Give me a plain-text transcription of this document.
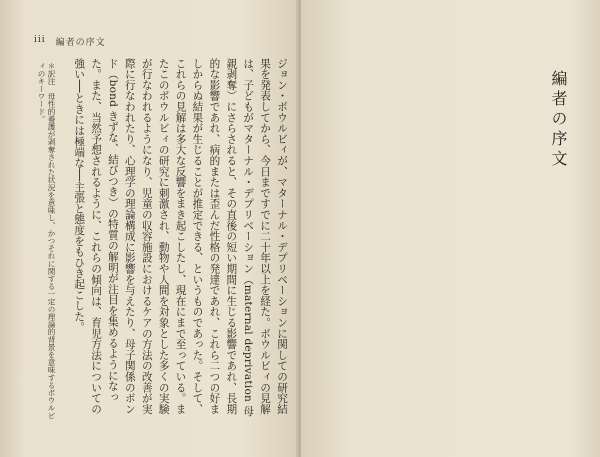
iii 編者の序文

ジョン・ボウルビィが、マターナル・デプリベーションに関しての研究結果を発表してから、今日まですでに二十年以上を経た。ボウルビィの見解は、子どもがマターナル・デプリベーション（maternal deprivation 母親剥奪）にさらされると、その直後の短い期間に生じる影響であれ、長期的な影響であれ、病的または歪んだ性格の発達であれ、これら二つの好ましからぬ結果が生じることが推定できる、というものであった。そして、これらの見解は多大な反響をまき起こしたし、現在にまで至っている。またこのボウルビィの研究に刺激され、動物や人間を対象とした多くの実験が行なわれるようになり、児童の収容施設におけるケアの方法の改善が実際に行なわれたり、心理学の理論構成に影響を与えたり、母子関係のボンド（bond きずな、結びつき）の特質の解明が注目を集めるようになった。また、当然予想されるように、これらの傾向は、育児方法についての強い──ときには極端な──主張と態度をもひき起こした。

＊訳注　母性的養護が剥奪された状況を意味し、かつそれに関する一定の理論的背景を意味するボウルビィのキーワード。	編者の序文
